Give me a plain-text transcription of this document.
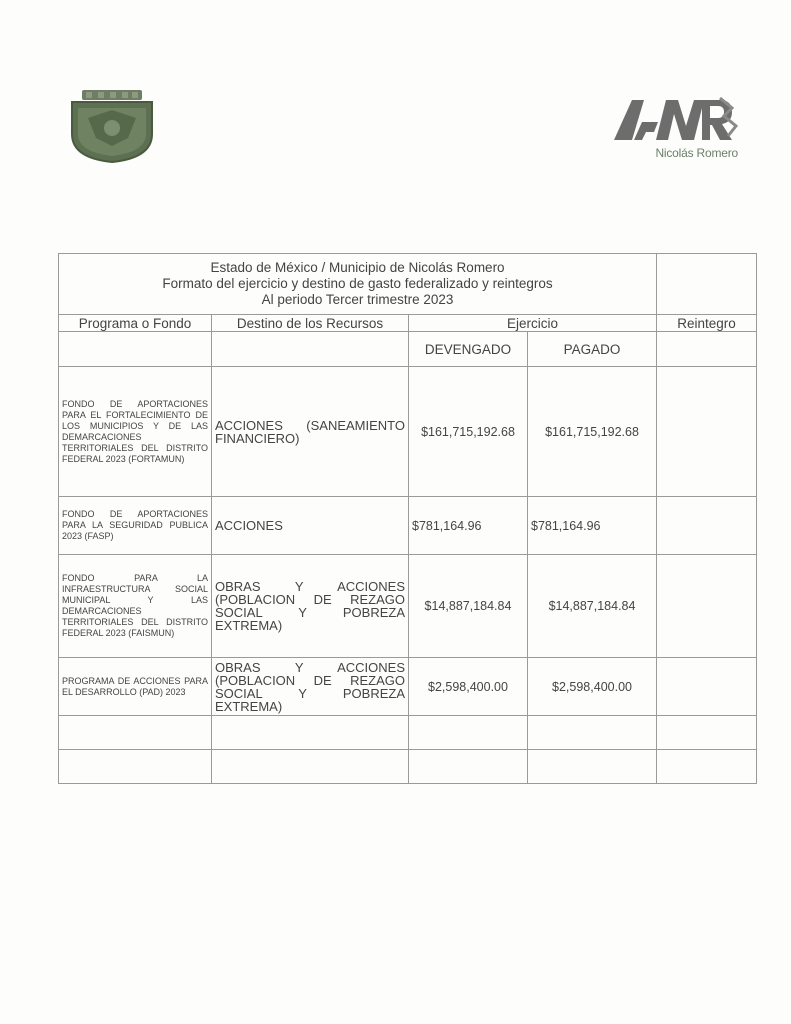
Nicolás Romero
Estado de México / Municipio de Nicolás Romero
Formato del ejercicio y destino de gasto federalizado y reintegros
Al periodo Tercer trimestre 2023				

Programa o Fondo	Destino de los Recursos	Ejercicio		Reintegro
		DEVENGADO	PAGADO	
FONDO DE APORTACIONES PARA EL FORTALECIMIENTO DE LOS MUNICIPIOS Y DE LAS DEMARCACIONES TERRITORIALES DEL DISTRITO FEDERAL 2023 (FORTAMUN)	ACCIONES (SANEAMIENTO FINANCIERO)	$161,715,192.68	$161,715,192.68	
FONDO DE APORTACIONES PARA LA SEGURIDAD PUBLICA 2023 (FASP)	ACCIONES	$781,164.96	$781,164.96	
FONDO PARA LA INFRAESTRUCTURA SOCIAL MUNICIPAL Y LAS DEMARCACIONES TERRITORIALES DEL DISTRITO FEDERAL 2023 (FAISMUN)	OBRAS Y ACCIONES (POBLACION DE REZAGO SOCIAL Y POBREZA EXTREMA)	$14,887,184.84	$14,887,184.84	
PROGRAMA DE ACCIONES PARA EL DESARROLLO (PAD) 2023	OBRAS Y ACCIONES (POBLACION DE REZAGO SOCIAL Y POBREZA EXTREMA)	$2,598,400.00	$2,598,400.00	
